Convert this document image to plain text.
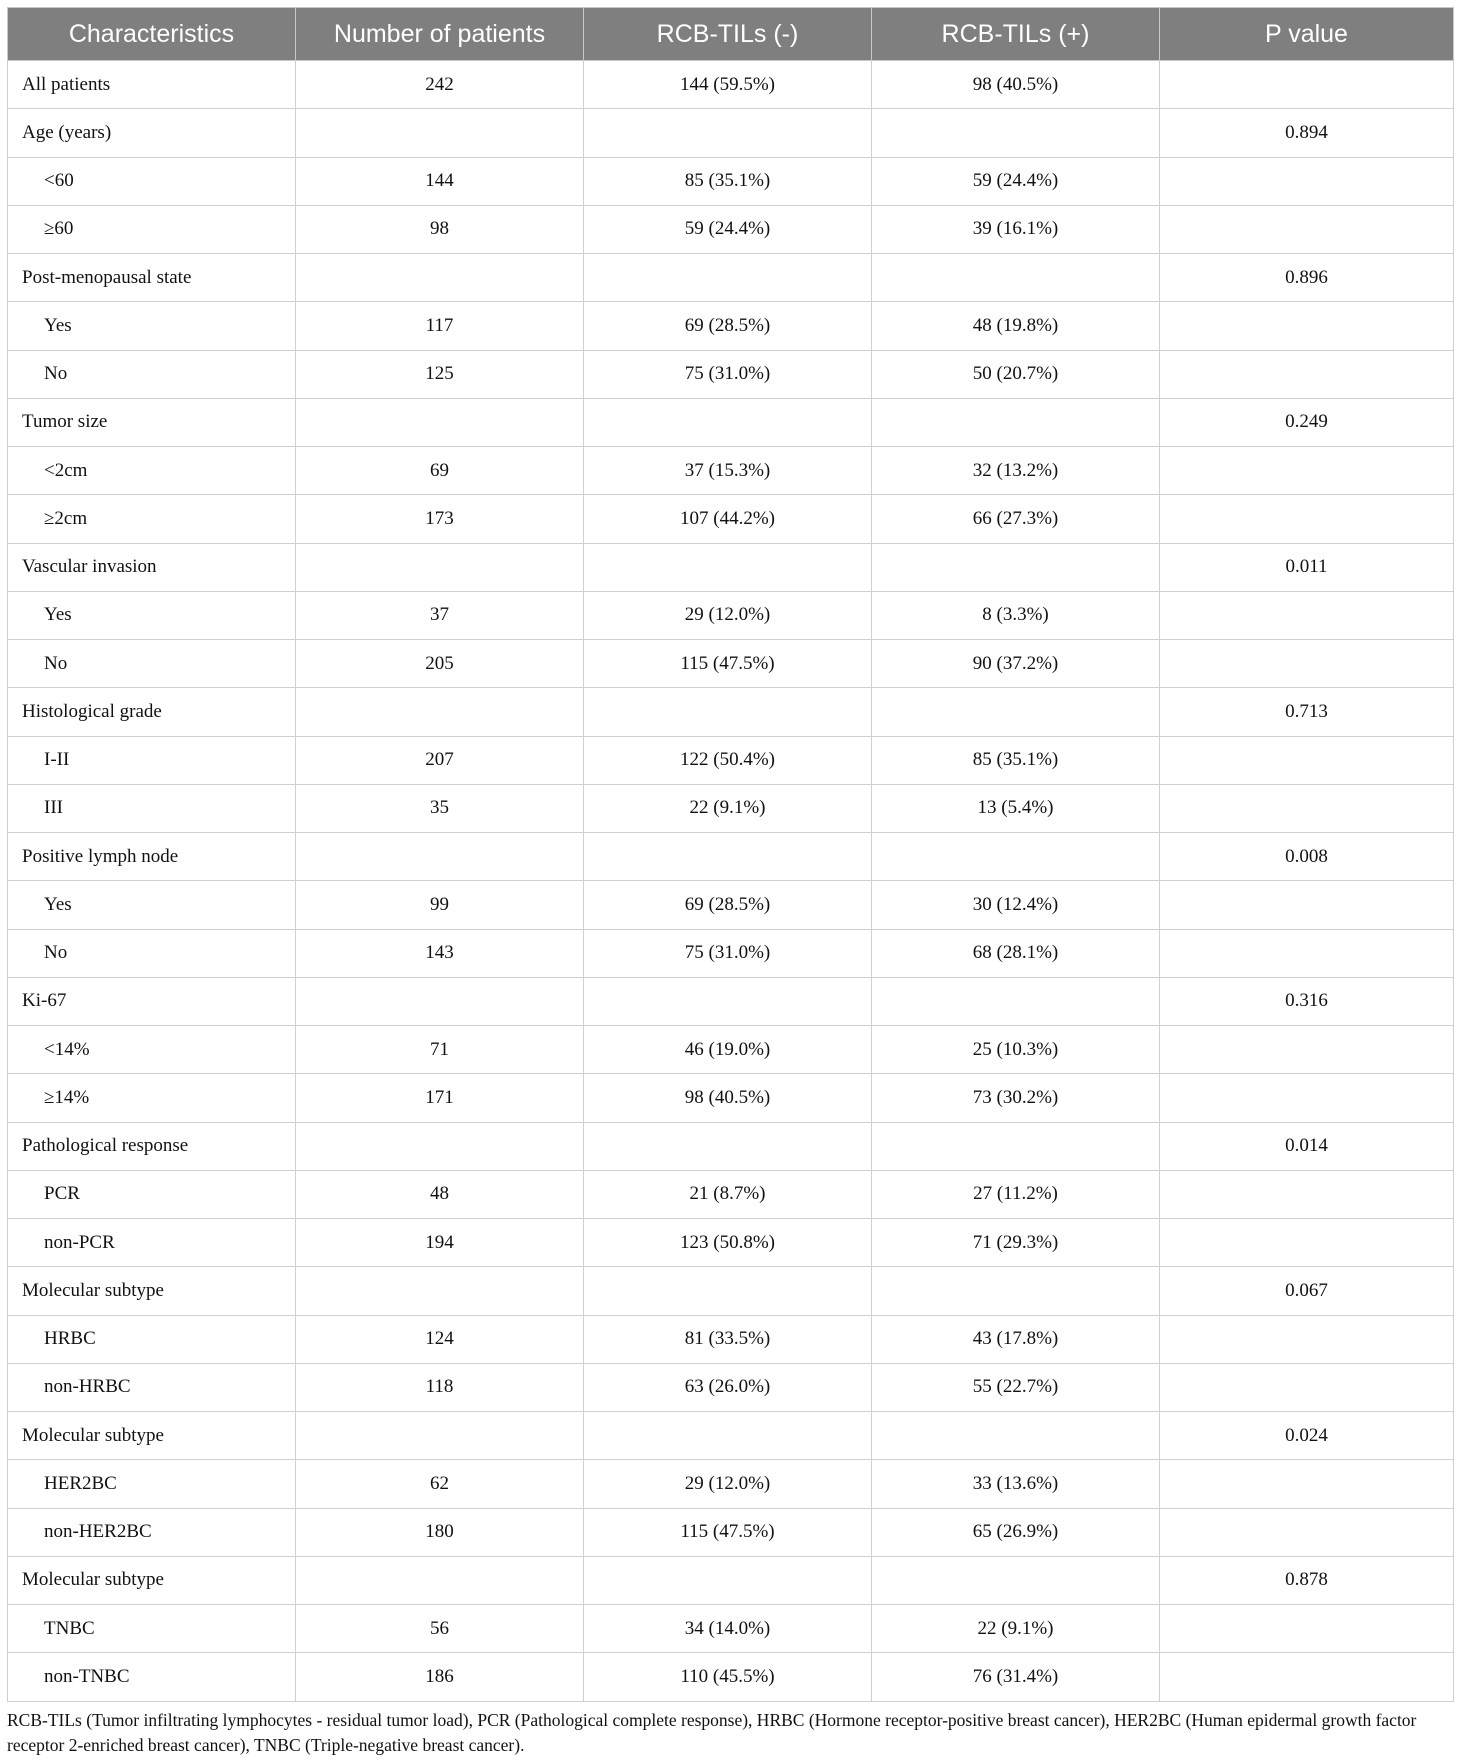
Characteristics	Number of patients	RCB-TILs (-)	RCB-TILs (+)	P value
All patients	242	144 (59.5%)	98 (40.5%)	
Age (years)				0.894
<60	144	85 (35.1%)	59 (24.4%)	
≥60	98	59 (24.4%)	39 (16.1%)	
Post-menopausal state				0.896
Yes	117	69 (28.5%)	48 (19.8%)	
No	125	75 (31.0%)	50 (20.7%)	
Tumor size				0.249
<2cm	69	37 (15.3%)	32 (13.2%)	
≥2cm	173	107 (44.2%)	66 (27.3%)	
Vascular invasion				0.011
Yes	37	29 (12.0%)	8 (3.3%)	
No	205	115 (47.5%)	90 (37.2%)	
Histological grade				0.713
I-II	207	122 (50.4%)	85 (35.1%)	
III	35	22 (9.1%)	13 (5.4%)	
Positive lymph node				0.008
Yes	99	69 (28.5%)	30 (12.4%)	
No	143	75 (31.0%)	68 (28.1%)	
Ki-67				0.316
<14%	71	46 (19.0%)	25 (10.3%)	
≥14%	171	98 (40.5%)	73 (30.2%)	
Pathological response				0.014
PCR	48	21 (8.7%)	27 (11.2%)	
non-PCR	194	123 (50.8%)	71 (29.3%)	
Molecular subtype				0.067
HRBC	124	81 (33.5%)	43 (17.8%)	
non-HRBC	118	63 (26.0%)	55 (22.7%)	
Molecular subtype				0.024
HER2BC	62	29 (12.0%)	33 (13.6%)	
non-HER2BC	180	115 (47.5%)	65 (26.9%)	
Molecular subtype				0.878
TNBC	56	34 (14.0%)	22 (9.1%)	
non-TNBC	186	110 (45.5%)	76 (31.4%)	
RCB-TILs (Tumor infiltrating lymphocytes - residual tumor load), PCR (Pathological complete response), HRBC (Hormone receptor-positive breast cancer), HER2BC (Human epidermal growth factor receptor 2-enriched breast cancer), TNBC (Triple-negative breast cancer).
